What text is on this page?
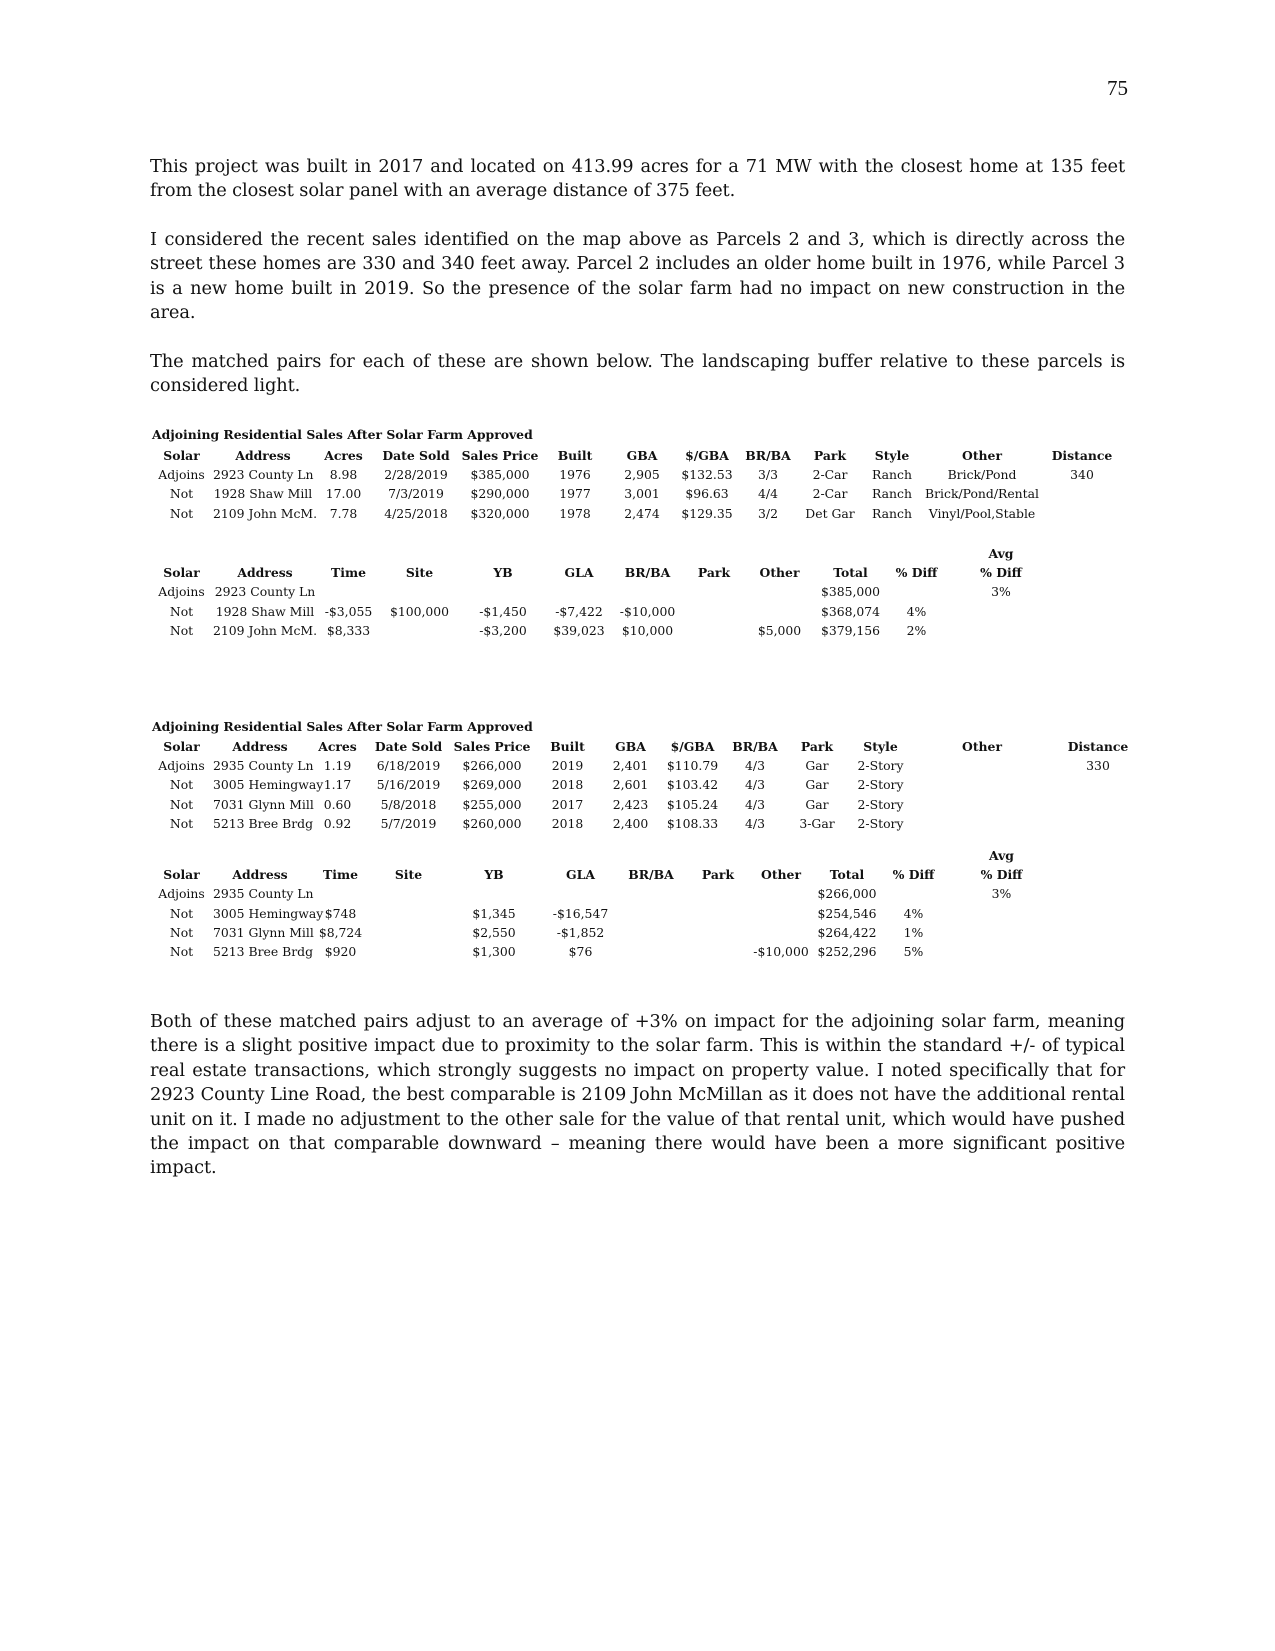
75

This project was built in 2017 and located on 413.99 acres for a 71 MW with the closest home at 135 feet from the closest solar panel with an average distance of 375 feet.

I considered the recent sales identified on the map above as Parcels 2 and 3, which is directly across the street these homes are 330 and 340 feet away. Parcel 2 includes an older home built in 1976, while Parcel 3 is a new home built in 2019. So the presence of the solar farm had no impact on new construction in the area.

The matched pairs for each of these are shown below. The landscaping buffer relative to these parcels is considered light.

Adjoining Residential Sales After Solar Farm Approved
Solar	Address	Acres	Date Sold	Sales Price	Built	GBA	$/GBA	BR/BA	Park	Style	Other	Distance
Adjoins	2923 County Ln	8.98	2/28/2019	$385,000	1976	2,905	$132.53	3/3	2-Car	Ranch	Brick/Pond	340
Not	1928 Shaw Mill	17.00	7/3/2019	$290,000	1977	3,001	$96.63	4/4	2-Car	Ranch	Brick/Pond/Rental	
Not	2109 John McM.	7.78	4/25/2018	$320,000	1978	2,474	$129.35	3/2	Det Gar	Ranch	Vinyl/Pool,Stable	
											Avg
Solar	Address	Time	Site	YB	GLA	BR/BA	Park	Other	Total	% Diff	% Diff
Adjoins	2923 County Ln								$385,000		3%
Not	1928 Shaw Mill	-$3,055	$100,000	-$1,450	-$7,422	-$10,000			$368,074	4%	
Not	2109 John McM.	$8,333		-$3,200	$39,023	$10,000		$5,000	$379,156	2%	
Adjoining Residential Sales After Solar Farm Approved
Solar	Address	Acres	Date Sold	Sales Price	Built	GBA	$/GBA	BR/BA	Park	Style	Other	Distance
Adjoins	2935 County Ln	1.19	6/18/2019	$266,000	2019	2,401	$110.79	4/3	Gar	2-Story		330
Not	3005 Hemingway	1.17	5/16/2019	$269,000	2018	2,601	$103.42	4/3	Gar	2-Story		
Not	7031 Glynn Mill	0.60	5/8/2018	$255,000	2017	2,423	$105.24	4/3	Gar	2-Story		
Not	5213 Bree Brdg	0.92	5/7/2019	$260,000	2018	2,400	$108.33	4/3	3-Gar	2-Story		
											Avg
Solar	Address	Time	Site	YB	GLA	BR/BA	Park	Other	Total	% Diff	% Diff
Adjoins	2935 County Ln								$266,000		3%
Not	3005 Hemingway	$748		$1,345	-$16,547				$254,546	4%	
Not	7031 Glynn Mill	$8,724		$2,550	-$1,852				$264,422	1%	
Not	5213 Bree Brdg	$920		$1,300	$76			-$10,000	$252,296	5%	

Both of these matched pairs adjust to an average of +3% on impact for the adjoining solar farm, meaning there is a slight positive impact due to proximity to the solar farm. This is within the standard +/- of typical real estate transactions, which strongly suggests no impact on property value. I noted specifically that for 2923 County Line Road, the best comparable is 2109 John McMillan as it does not have the additional rental unit on it. I made no adjustment to the other sale for the value of that rental unit, which would have pushed the impact on that comparable downward – meaning there would have been a more significant positive impact.
